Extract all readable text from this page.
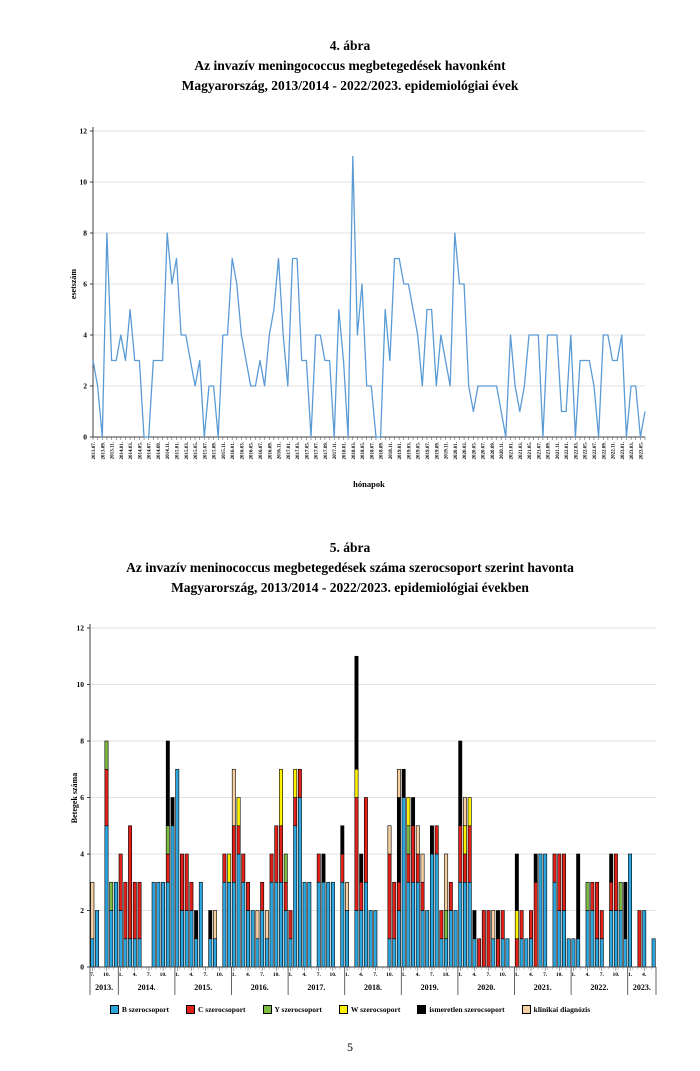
4. ábra
Az invazív meningococcus megbetegedések havonként
Magyarország, 2013/2014 - 2022/2023. epidemiológiai évek
0
2
4
6
8
10
12
2013.07. 2013.09. 2013.11. 2014.01. 2014.03. 2014.05. 2014.07. 2014.09. 2014.11. 2015.01. 2015.03. 2015.05. 2015.07. 2015.09. 2015.11. 2016.01. 2016.03. 2016.05. 2016.07. 2016.09. 2016.11. 2017.01. 2017.03. 2017.05. 2017.07. 2017.09. 2017.11. 2018.01. 2018.03. 2018.05. 2018.07. 2018.09. 2018.11. 2019.01. 2019.03. 2019.05. 2019.07. 2019.09. 2019.11. 2020.01. 2020.03. 2020.05. 2020.07. 2020.09. 2020.11. 2021.01. 2021.03. 2021.05. 2021.07. 2021.09. 2021.11. 2022.01. 2022.03. 2022.05. 2022.07. 2022.09. 2022.11. 2023.01. 2023.03. 2023.05.
esetszám
hónapok
5. ábra
Az invazív meninococcus megbetegedések száma szerocsoport szerint havonta
Magyarország, 2013/2014 - 2022/2023. epidemiológiai években
0
2
4
6
8
10
12
7. 10. 1. 4. 7. 10. 1. 4. 7. 10. 1. 4. 7. 10. 1. 4. 7. 10. 1. 4. 7. 10. 1. 4. 7. 10. 1. 4. 7. 10. 1. 4. 7. 10. 1. 4. 7. 10. 1. 4.
2013.	2014.	2015.	2016.	2017.	2018.	2019.	2020.	2021.	2022.	2023.
Betegek száma
B szerocsoport	C szerocsoport	Y szerocsoport	W szerocsoport	ismeretlen szerocsoport	klinikai diagnózis
5
